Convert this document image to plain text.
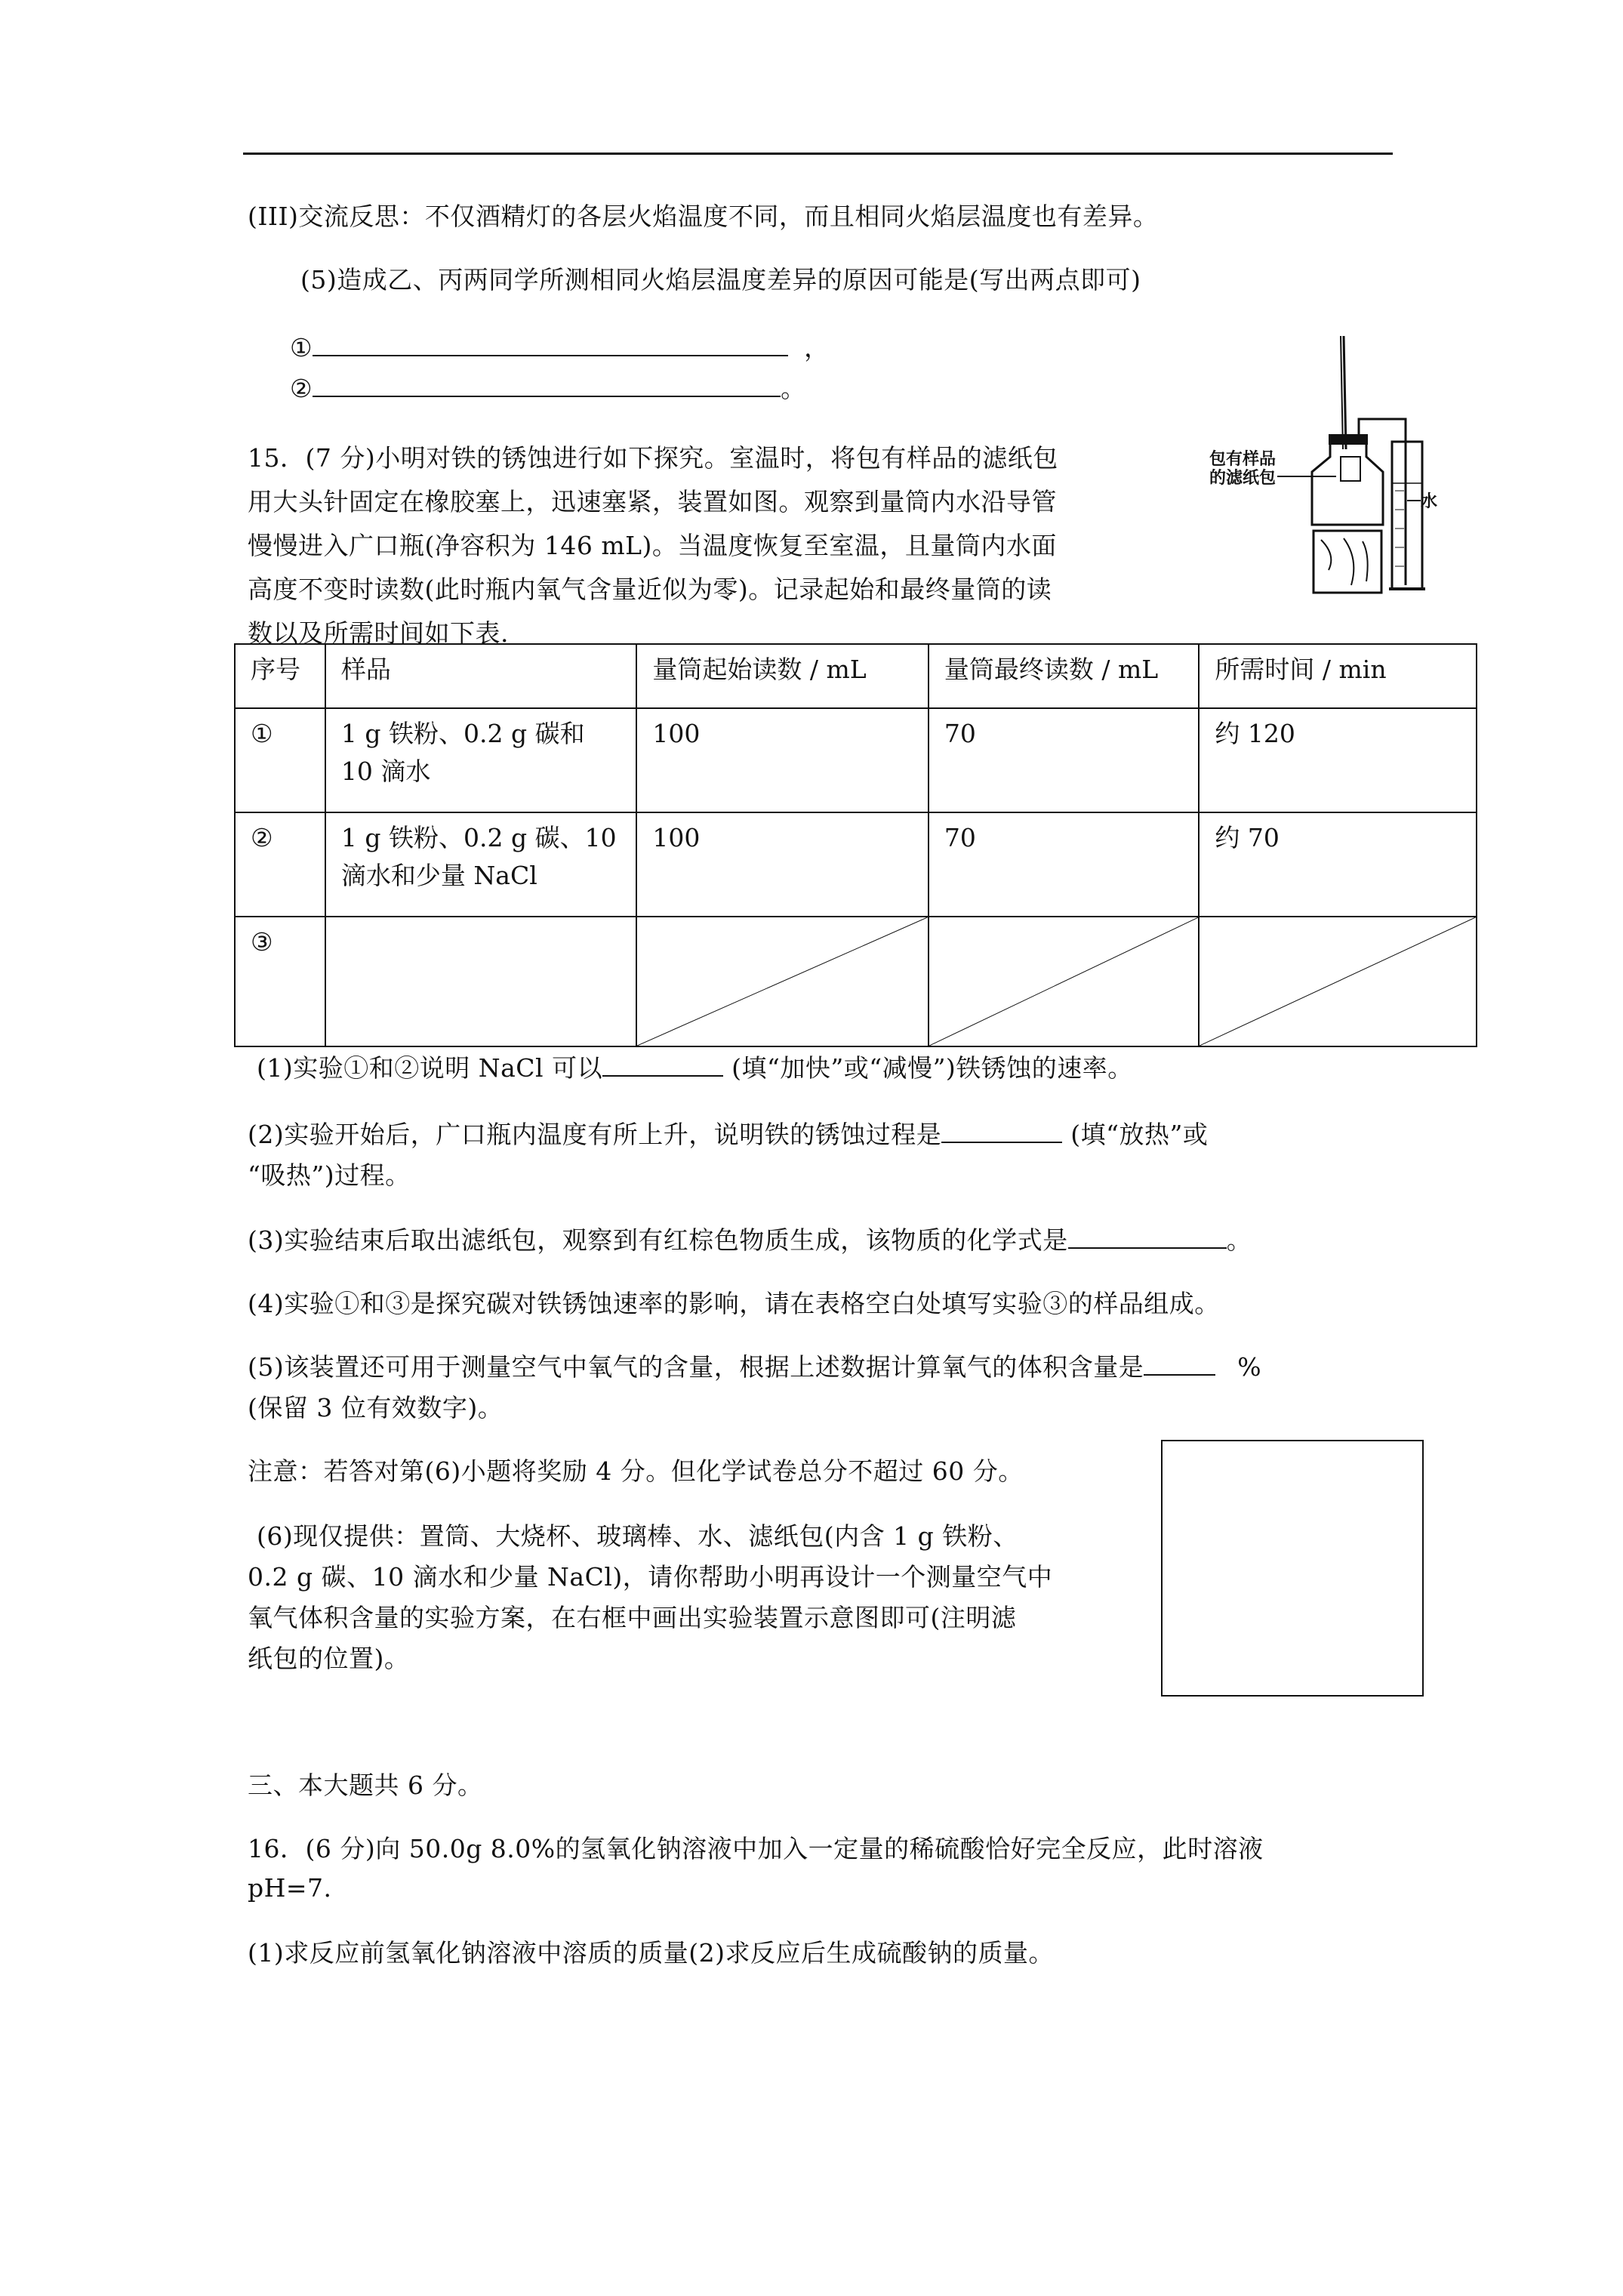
(III)交流反思：不仅酒精灯的各层火焰温度不同，而且相同火焰层温度也有差异。
(5)造成乙、丙两同学所测相同火焰层温度差异的原因可能是(写出两点即可)
①	，
②	。
15．(7 分)小明对铁的锈蚀进行如下探究。室温时，将包有样品的滤纸包
用大头针固定在橡胶塞上，迅速塞紧，装置如图。观察到量筒内水沿导管
慢慢进入广口瓶(净容积为 146 mL)。当温度恢复至室温，且量筒内水面
高度不变时读数(此时瓶内氧气含量近似为零)。记录起始和最终量筒的读
数以及所需时间如下表.
包有样品
的滤纸包
水
序号	样品	量筒起始读数 / mL	量筒最终读数 / mL	所需时间 / min
①	1 g 铁粉、0.2 g 碳和 10 滴水	100	70	约 120
②	1 g 铁粉、0.2 g 碳、10 滴水和少量 NaCl	100	70	约 70
③		

(1)实验①和②说明 NaCl 可以	(填“加快”或“减慢”)铁锈蚀的速率。
(2)实验开始后，广口瓶内温度有所上升，说明铁的锈蚀过程是	(填“放热”或
“吸热”)过程。
(3)实验结束后取出滤纸包，观察到有红棕色物质生成，该物质的化学式是	。
(4)实验①和③是探究碳对铁锈蚀速率的影响，请在表格空白处填写实验③的样品组成。
(5)该装置还可用于测量空气中氧气的含量，根据上述数据计算氧气的体积含量是	%
(保留 3 位有效数字)。
注意：若答对第(6)小题将奖励 4 分。但化学试卷总分不超过 60 分。
(6)现仅提供：置筒、大烧杯、玻璃棒、水、滤纸包(内含 1 g 铁粉、
0.2 g 碳、10 滴水和少量 NaCl)，请你帮助小明再设计一个测量空气中
氧气体积含量的实验方案，在右框中画出实验装置示意图即可(注明滤
纸包的位置)。
三、本大题共 6 分。
16．(6 分)向 50.0g 8.0%的氢氧化钠溶液中加入一定量的稀硫酸恰好完全反应，此时溶液
pH=7.
(1)求反应前氢氧化钠溶液中溶质的质量(2)求反应后生成硫酸钠的质量。
